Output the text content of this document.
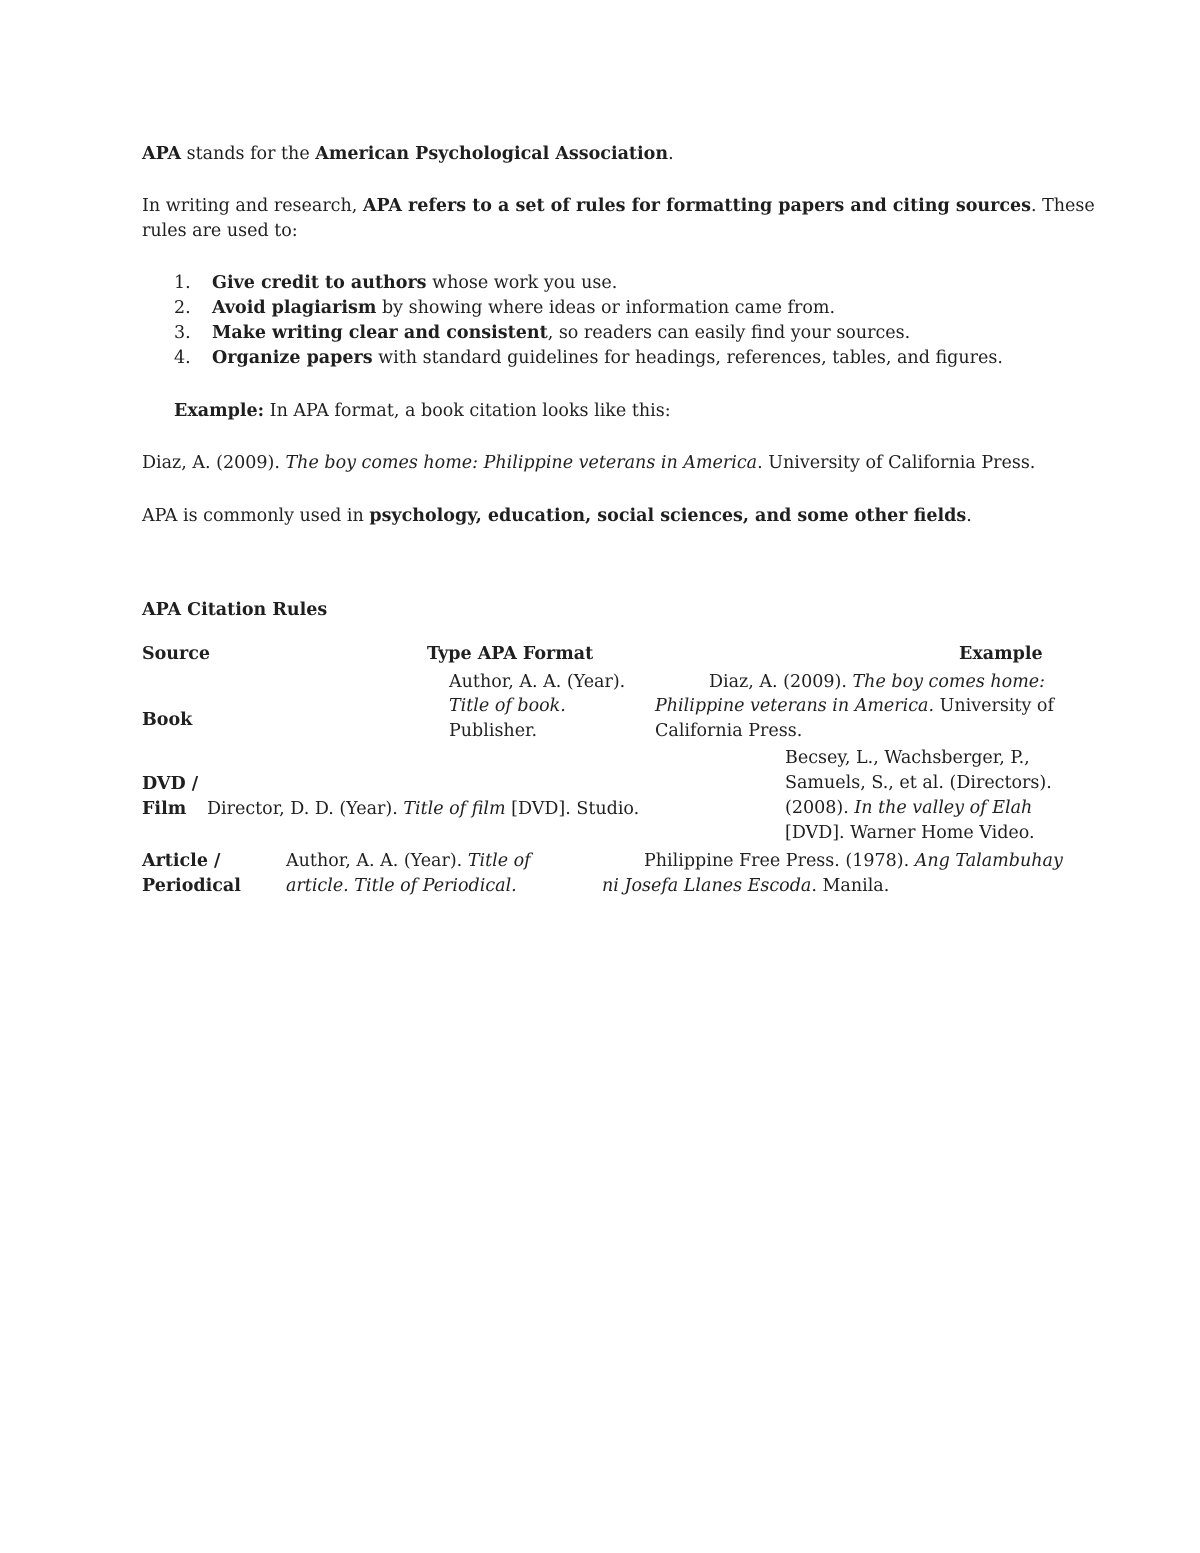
APA stands for the American Psychological Association.
In writing and research, APA refers to a set of rules for formatting papers and citing sources. These
rules are used to:
1. Give credit to authors whose work you use.
2. Avoid plagiarism by showing where ideas or information came from.
3. Make writing clear and consistent, so readers can easily find your sources.
4. Organize papers with standard guidelines for headings, references, tables, and figures.
Example: In APA format, a book citation looks like this:
Diaz, A. (2009). The boy comes home: Philippine veterans in America. University of California Press.
APA is commonly used in psychology, education, social sciences, and some other fields.
APA Citation Rules
Source	Type APA Format	Example
Book
Author, A. A. (Year).
Title of book.
Publisher.
Diaz, A. (2009). The boy comes home:
Philippine veterans in America. University of
California Press.
DVD /
Film Director, D. D. (Year). Title of film [DVD]. Studio.
Becsey, L., Wachsberger, P.,
Samuels, S., et al. (Directors).
(2008). In the valley of Elah
[DVD]. Warner Home Video.
Article /
Periodical
Author, A. A. (Year). Title of
article. Title of Periodical.
Philippine Free Press. (1978). Ang Talambuhay
ni Josefa Llanes Escoda. Manila.
